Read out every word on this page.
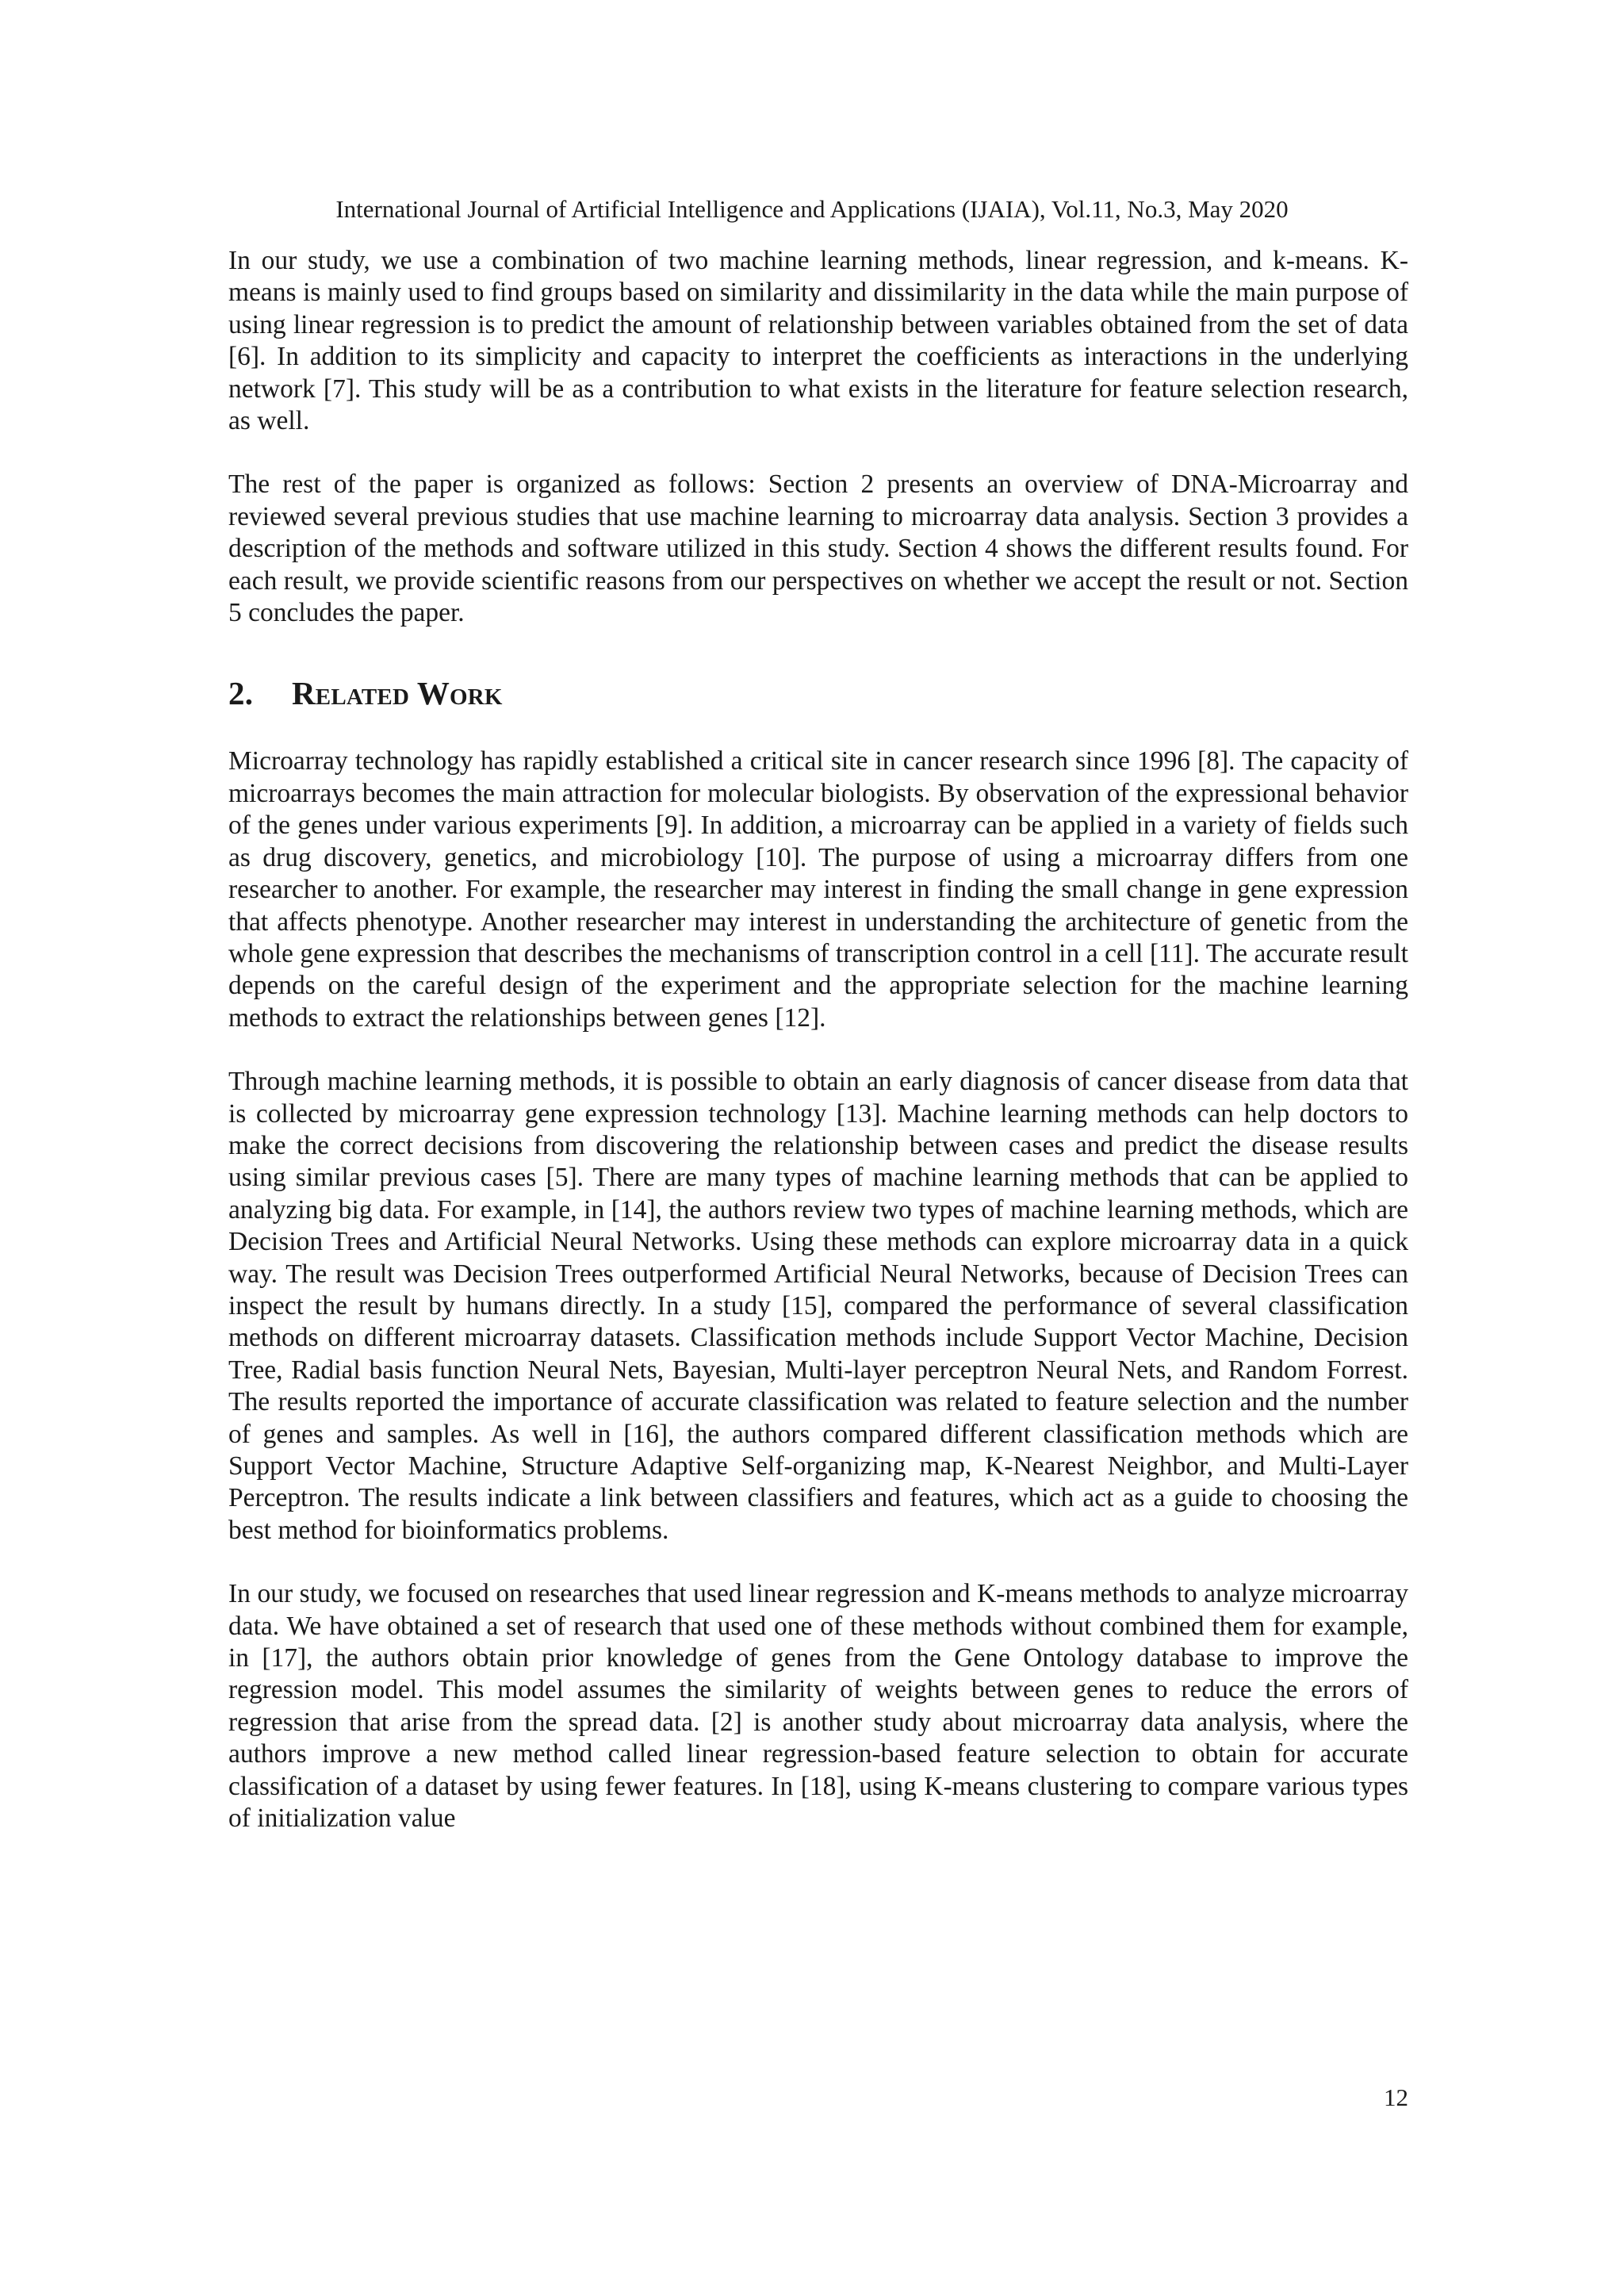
International Journal of Artificial Intelligence and Applications (IJAIA), Vol.11, No.3, May 2020

In our study, we use a combination of two machine learning methods, linear regression, and k-means. K-means is mainly used to find groups based on similarity and dissimilarity in the data while the main purpose of using linear regression is to predict the amount of relationship between variables obtained from the set of data [6]. In addition to its simplicity and capacity to interpret the coefficients as interactions in the underlying network [7]. This study will be as a contribution to what exists in the literature for feature selection research, as well.

The rest of the paper is organized as follows: Section 2 presents an overview of DNA-Microarray and reviewed several previous studies that use machine learning to microarray data analysis. Section 3 provides a description of the methods and software utilized in this study. Section 4 shows the different results found. For each result, we provide scientific reasons from our perspectives on whether we accept the result or not. Section 5 concludes the paper.

2. Related Work

Microarray technology has rapidly established a critical site in cancer research since 1996 [8]. The capacity of microarrays becomes the main attraction for molecular biologists. By observation of the expressional behavior of the genes under various experiments [9]. In addition, a microarray can be applied in a variety of fields such as drug discovery, genetics, and microbiology [10]. The purpose of using a microarray differs from one researcher to another. For example, the researcher may interest in finding the small change in gene expression that affects phenotype. Another researcher may interest in understanding the architecture of genetic from the whole gene expression that describes the mechanisms of transcription control in a cell [11]. The accurate result depends on the careful design of the experiment and the appropriate selection for the machine learning methods to extract the relationships between genes [12].

Through machine learning methods, it is possible to obtain an early diagnosis of cancer disease from data that is collected by microarray gene expression technology [13]. Machine learning methods can help doctors to make the correct decisions from discovering the relationship between cases and predict the disease results using similar previous cases [5]. There are many types of machine learning methods that can be applied to analyzing big data. For example, in [14], the authors review two types of machine learning methods, which are Decision Trees and Artificial Neural Networks. Using these methods can explore microarray data in a quick way. The result was Decision Trees outperformed Artificial Neural Networks, because of Decision Trees can inspect the result by humans directly. In a study [15], compared the performance of several classification methods on different microarray datasets. Classification methods include Support Vector Machine, Decision Tree, Radial basis function Neural Nets, Bayesian, Multi-layer perceptron Neural Nets, and Random Forrest. The results reported the importance of accurate classification was related to feature selection and the number of genes and samples. As well in [16], the authors compared different classification methods which are Support Vector Machine, Structure Adaptive Self-organizing map, K-Nearest Neighbor, and Multi-Layer Perceptron. The results indicate a link between classifiers and features, which act as a guide to choosing the best method for bioinformatics problems.

In our study, we focused on researches that used linear regression and K-means methods to analyze microarray data. We have obtained a set of research that used one of these methods without combined them for example, in [17], the authors obtain prior knowledge of genes from the Gene Ontology database to improve the regression model. This model assumes the similarity of weights between genes to reduce the errors of regression that arise from the spread data. [2] is another study about microarray data analysis, where the authors improve a new method called linear regression-based feature selection to obtain for accurate classification of a dataset by using fewer features. In [18], using K-means clustering to compare various types of initialization value

12
